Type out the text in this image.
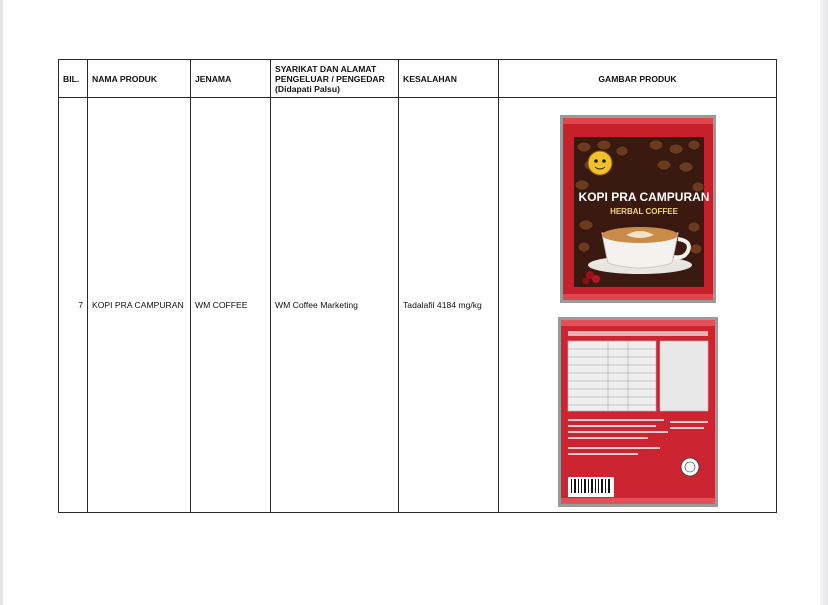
BIL.	NAMA PRODUK	JENAMA	SYARIKAT DAN ALAMAT
PENGELUAR / PENGEDAR
(Didapati Palsu)	KESALAHAN	GAMBAR PRODUK
7	KOPI PRA CAMPURAN	WM COFFEE	WM Coffee Marketing	Tadalafil 4184 mg/kg	KOPI PRA CAMPURAN
HERBAL COFFEE
